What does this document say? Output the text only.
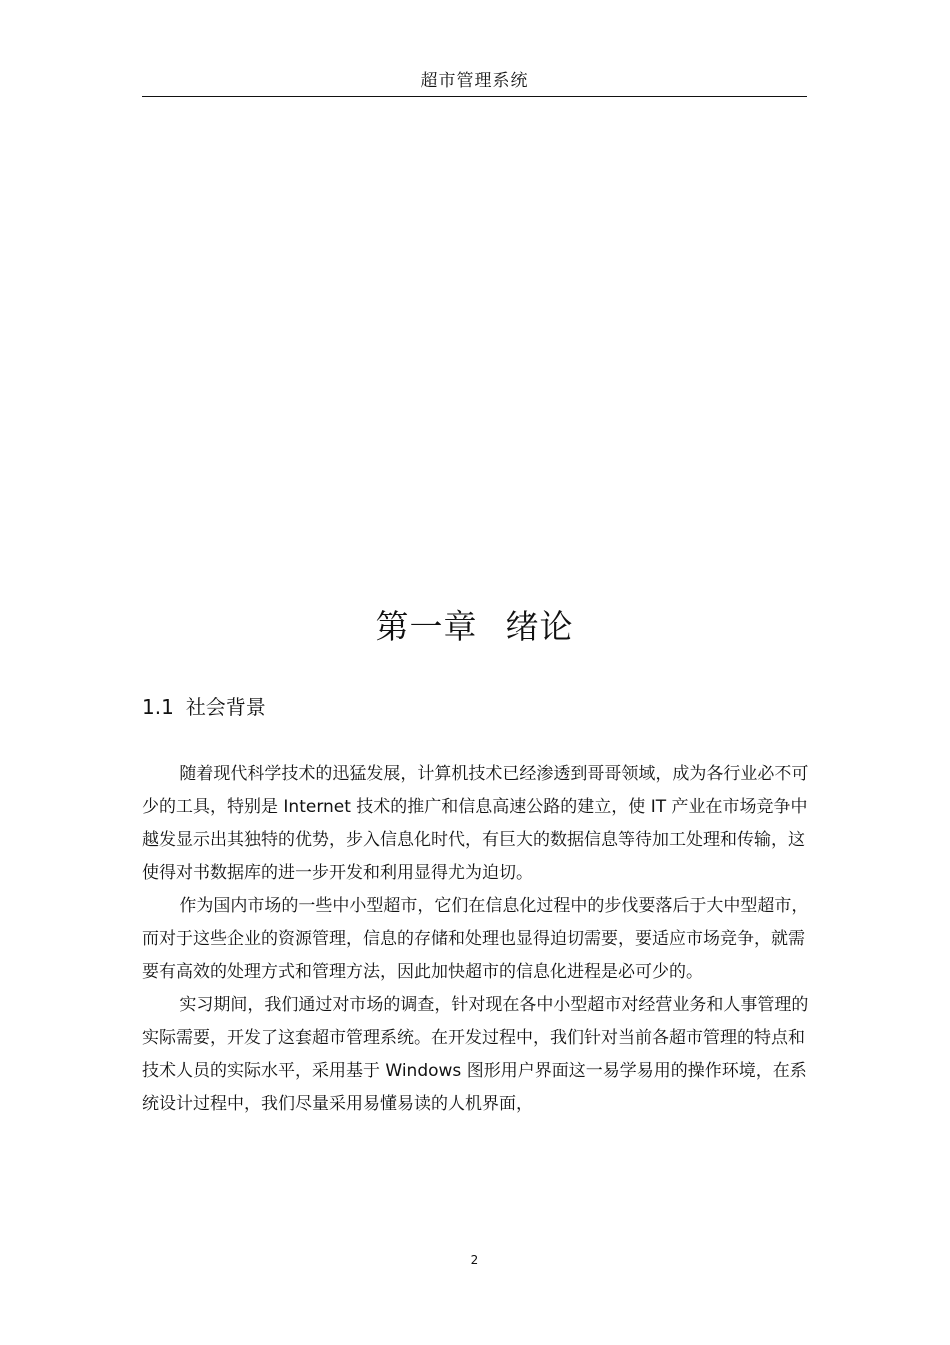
超市管理系统
第一章 绪论
1.1 社会背景

随着现代科学技术的迅猛发展，计算机技术已经渗透到哥哥领域，成为各行业必不可少的工具，特别是 Internet 技术的推广和信息高速公路的建立，使 IT 产业在市场竞争中越发显示出其独特的优势，步入信息化时代，有巨大的数据信息等待加工处理和传输，这使得对书数据库的进一步开发和利用显得尤为迫切。

作为国内市场的一些中小型超市，它们在信息化过程中的步伐要落后于大中型超市，而对于这些企业的资源管理，信息的存储和处理也显得迫切需要，要适应市场竞争，就需要有高效的处理方式和管理方法，因此加快超市的信息化进程是必可少的。

实习期间，我们通过对市场的调查，针对现在各中小型超市对经营业务和人事管理的实际需要，开发了这套超市管理系统。在开发过程中，我们针对当前各超市管理的特点和技术人员的实际水平，采用基于 Windows 图形用户界面这一易学易用的操作环境，在系统设计过程中，我们尽量采用易懂易读的人机界面，

2
